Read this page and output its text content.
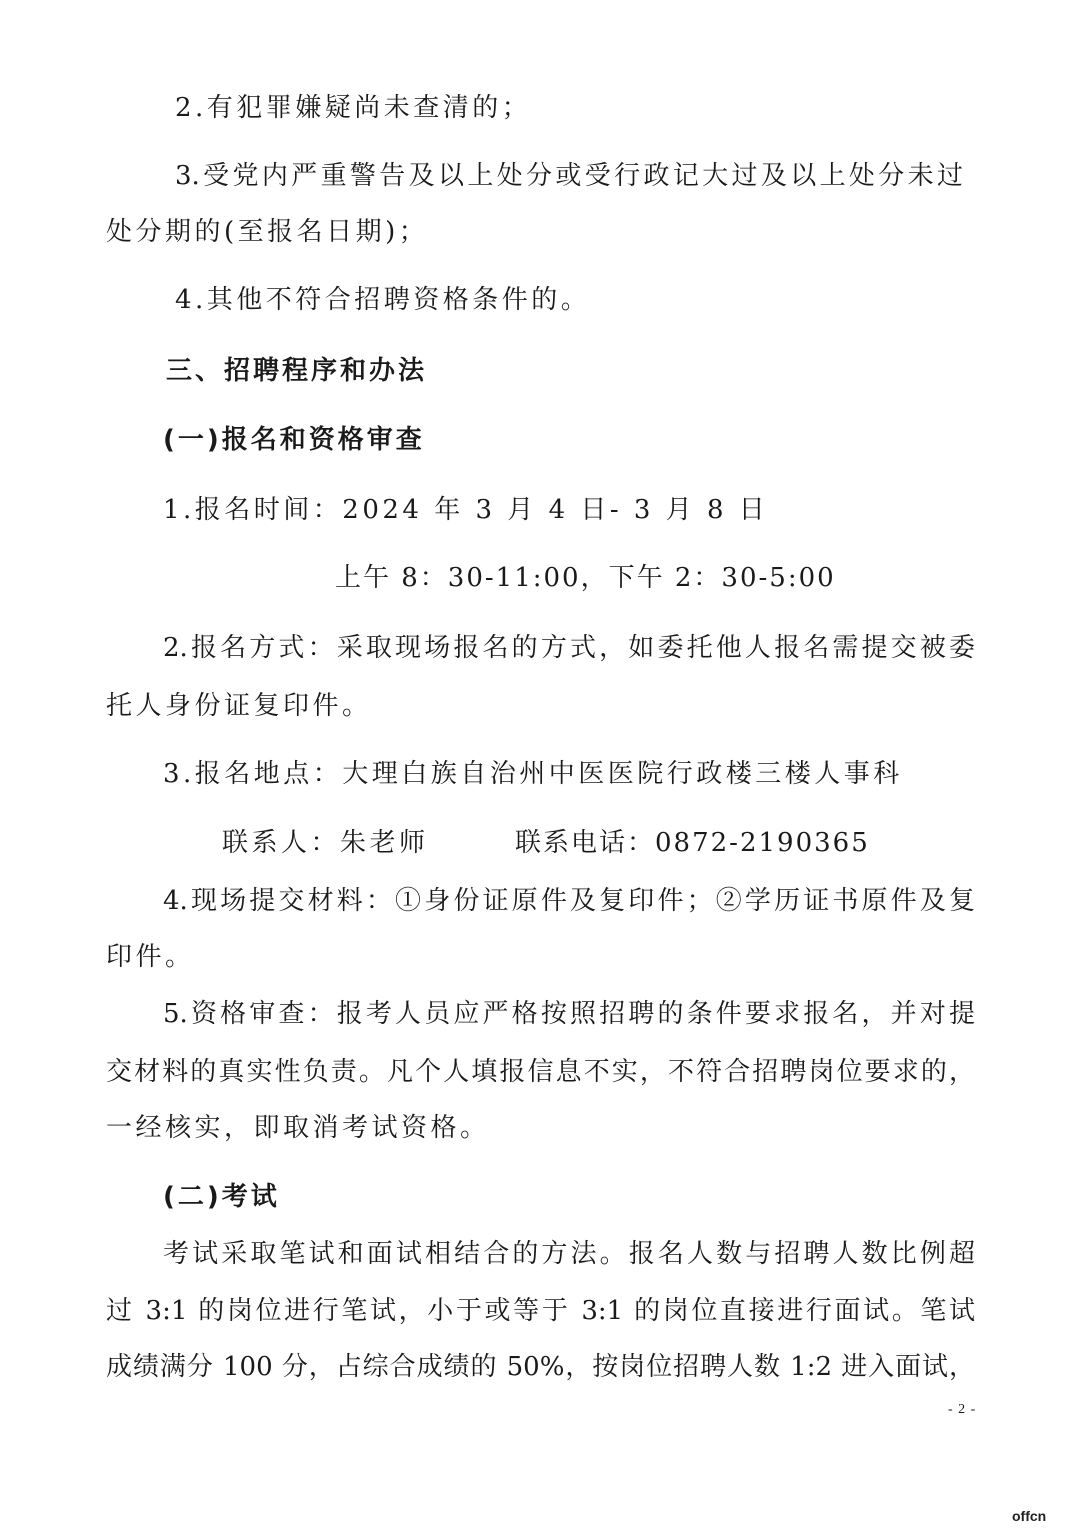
2.有犯罪嫌疑尚未查清的；
3.受党内严重警告及以上处分或受行政记大过及以上处分未过
处分期的(至报名日期)；
4.其他不符合招聘资格条件的。
三、招聘程序和办法
(一)报名和资格审查
1.报名时间：2024 年 3 月 4 日- 3 月 8 日
上午 8：30-11:00，下午 2：30-5:00
2.报名方式：采取现场报名的方式，如委托他人报名需提交被委
托人身份证复印件。
3.报名地点：大理白族自治州中医医院行政楼三楼人事科
联系人：朱老师	联系电话：0872-2190365
4.现场提交材料：①身份证原件及复印件；②学历证书原件及复
印件。
5.资格审查：报考人员应严格按照招聘的条件要求报名，并对提
交材料的真实性负责。凡个人填报信息不实，不符合招聘岗位要求的，
一经核实，即取消考试资格。
(二)考试
考试采取笔试和面试相结合的方法。报名人数与招聘人数比例超
过 3:1 的岗位进行笔试，小于或等于 3:1 的岗位直接进行面试。笔试
成绩满分 100 分，占综合成绩的 50%，按岗位招聘人数 1:2 进入面试，
- 2 -
offcn
